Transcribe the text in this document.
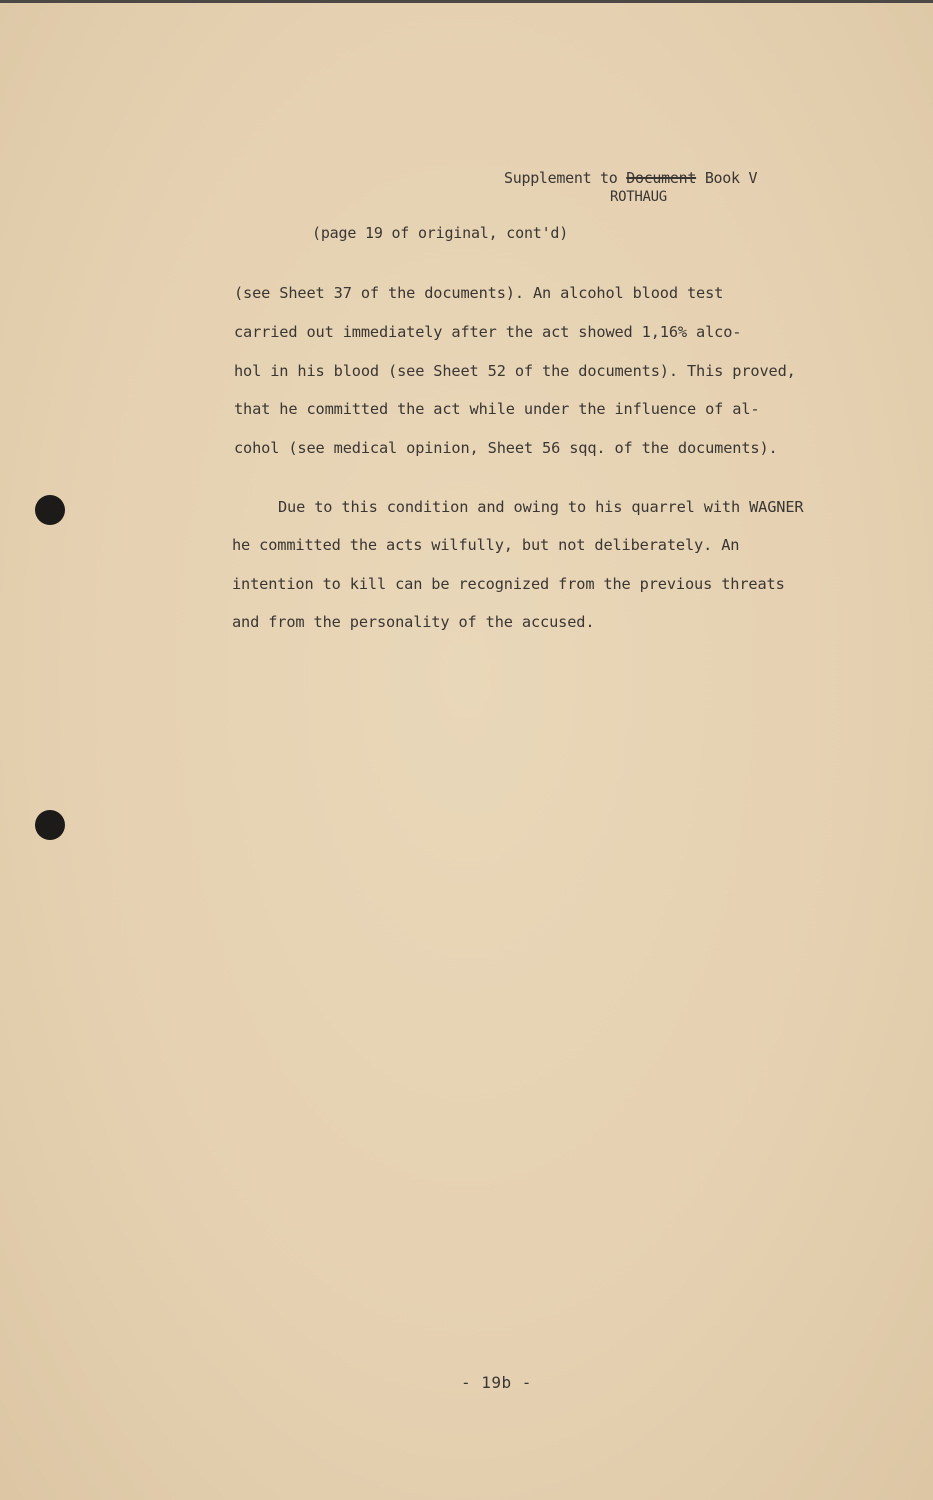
Supplement to Document Book V
ROTHAUG
(page 19 of original, cont'd)
(see Sheet 37 of the documents). An alcohol blood test
carried out immediately after the act showed 1,16% alco-
hol in his blood (see Sheet 52 of the documents). This proved,
that he committed the act while under the influence of al-
cohol (see medical opinion, Sheet 56 sqq. of the documents).
Due to this condition and owing to his quarrel with WAGNER
he committed the acts wilfully, but not deliberately. An
intention to kill can be recognized from the previous threats
and from the personality of the accused.
- 19b -
